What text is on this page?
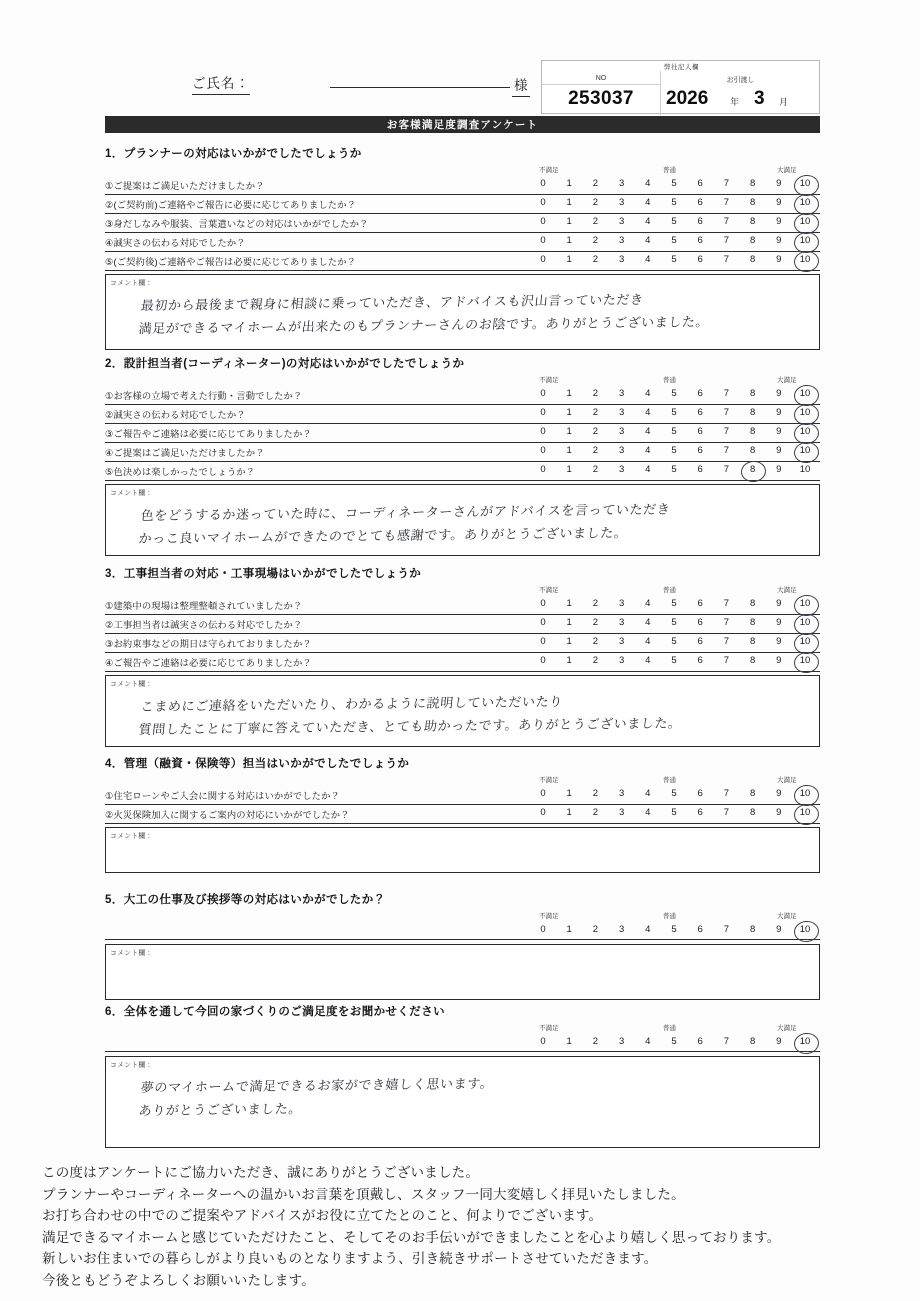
ご氏名：	様
弊社記入欄
NO	お引渡し
253037	2026 年 3 月
お客様満足度調査アンケート
1．プランナーの対応はいかがでしたでしょうか
不満足	普通	大満足
①ご提案はご満足いただけましたか？	0	1	2	3	4	5	6	7	8	9	10
②(ご契約前)ご連絡やご報告に必要に応じてありましたか？	0	1	2	3	4	5	6	7	8	9	10
③身だしなみや服装、言葉遣いなどの対応はいかがでしたか？	0	1	2	3	4	5	6	7	8	9	10
④誠実さの伝わる対応でしたか？	0	1	2	3	4	5	6	7	8	9	10
⑤(ご契約後)ご連絡やご報告は必要に応じてありましたか？	0	1	2	3	4	5	6	7	8	9	10
コメント欄：
最初から最後まで親身に相談に乗っていただき、アドバイスも沢山言っていただき
満足ができるマイホームが出来たのもプランナーさんのお陰です。ありがとうございました。
2．設計担当者(コーディネーター)の対応はいかがでしたでしょうか
不満足	普通	大満足
①お客様の立場で考えた行動・言動でしたか？	0	1	2	3	4	5	6	7	8	9	10
②誠実さの伝わる対応でしたか？	0	1	2	3	4	5	6	7	8	9	10
③ご報告やご連絡は必要に応じてありましたか？	0	1	2	3	4	5	6	7	8	9	10
④ご提案はご満足いただけましたか？	0	1	2	3	4	5	6	7	8	9	10
⑤色決めは楽しかったでしょうか？	0	1	2	3	4	5	6	7	8	9	10
コメント欄：
色をどうするか迷っていた時に、コーディネーターさんがアドバイスを言っていただき
かっこ良いマイホームができたのでとても感謝です。ありがとうございました。
3．工事担当者の対応・工事現場はいかがでしたでしょうか
不満足	普通	大満足
①建築中の現場は整理整頓されていましたか？	0	1	2	3	4	5	6	7	8	9	10
②工事担当者は誠実さの伝わる対応でしたか？	0	1	2	3	4	5	6	7	8	9	10
③お約束事などの期日は守られておりましたか？	0	1	2	3	4	5	6	7	8	9	10
④ご報告やご連絡は必要に応じてありましたか？	0	1	2	3	4	5	6	7	8	9	10
コメント欄：
こまめにご連絡をいただいたり、わかるように説明していただいたり
質問したことに丁寧に答えていただき、とても助かったです。ありがとうございました。
4．管理（融資・保険等）担当はいかがでしたでしょうか
不満足	普通	大満足
①住宅ローンやご入会に関する対応はいかがでしたか？	0	1	2	3	4	5	6	7	8	9	10
②火災保険加入に関するご案内の対応にいかがでしたか？	0	1	2	3	4	5	6	7	8	9	10
コメント欄：
5．大工の仕事及び挨拶等の対応はいかがでしたか？
不満足	普通	大満足
0	1	2	3	4	5	6	7	8	9	10
コメント欄：
6．全体を通して今回の家づくりのご満足度をお聞かせください
不満足	普通	大満足
0	1	2	3	4	5	6	7	8	9	10
コメント欄：
夢のマイホームで満足できるお家ができ嬉しく思います。
ありがとうございました。
この度はアンケートにご協力いただき、誠にありがとうございました。
プランナーやコーディネーターへの温かいお言葉を頂戴し、スタッフ一同大変嬉しく拝見いたしました。
お打ち合わせの中でのご提案やアドバイスがお役に立てたとのこと、何よりでございます。
満足できるマイホームと感じていただけたこと、そしてそのお手伝いができましたことを心より嬉しく思っております。
新しいお住まいでの暮らしがより良いものとなりますよう、引き続きサポートさせていただきます。
今後ともどうぞよろしくお願いいたします。
